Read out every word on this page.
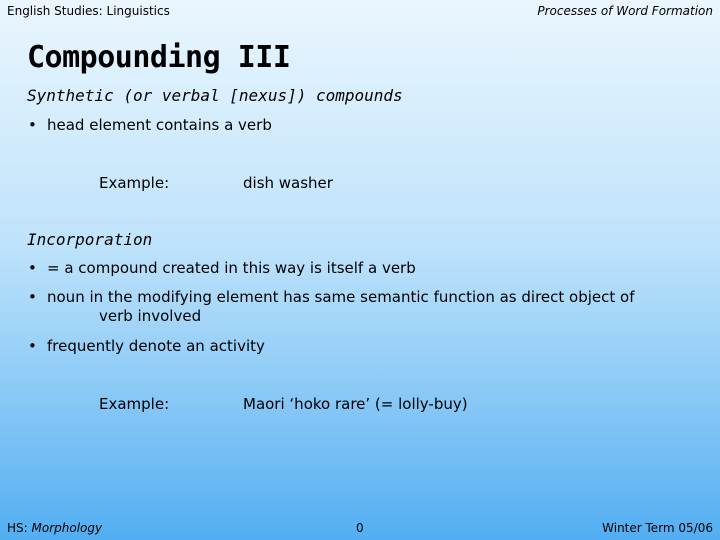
English Studies: Linguistics	Processes of Word Formation
Compounding III
Synthetic (or verbal [nexus]) compounds
• head element contains a verb
Example:	dish washer
Incorporation
• = a compound created in this way is itself a verb
• noun in the modifying element has same semantic function as direct object of
verb involved
• frequently denote an activity
Example:	Maori ‘hoko rare’ (= lolly-buy)
HS: Morphology	0	Winter Term 05/06
